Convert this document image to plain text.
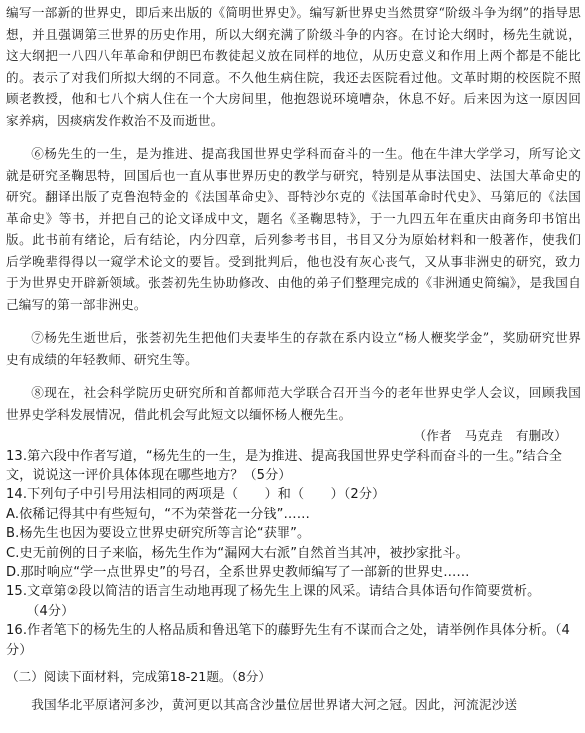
编写一部新的世界史，即后来出版的《简明世界史》。编写新世界史当然贯穿“阶级斗争为纲”的指导思想，并且强调第三世界的历史作用，所以大纲充满了阶级斗争的内容。在讨论大纲时，杨先生就说，这大纲把一八四八年革命和伊朗巴布教徒起义放在同样的地位，从历史意义和作用上两个都是不能比的。表示了对我们所拟大纲的不同意。不久他生病住院，我还去医院看过他。文革时期的校医院不照顾老教授，他和七八个病人住在一个大房间里，他抱怨说环境嘈杂，休息不好。后来因为这一原因回家养病，因痰病发作救治不及而逝世。

⑥杨先生的一生，是为推进、提高我国世界史学科而奋斗的一生。他在牛津大学学习，所写论文就是研究圣鞠思特，回国后也一直从事世界历史的教学与研究，特别是从事法国史、法国大革命史的研究。翻译出版了克鲁泡特金的《法国革命史》、哥特沙尔克的《法国革命时代史》、马第厄的《法国革命史》等书，并把自己的论文译成中文，题名《圣鞠思特》，于一九四五年在重庆由商务印书馆出版。此书前有绪论，后有结论，内分四章，后列参考书目，书目又分为原始材料和一般著作，使我们后学晚辈得得以一窥学术论文的要旨。受到批判后，他也没有灰心丧气，又从事非洲史的研究，致力于为世界史开辟新领域。张荟初先生协助修改、由他的弟子们整理完成的《非洲通史简编》，是我国自己编写的第一部非洲史。

⑦杨先生逝世后，张荟初先生把他们夫妻毕生的存款在系内设立“杨人楩奖学金”，奖励研究世界史有成绩的年轻教师、研究生等。

⑧现在，社会科学院历史研究所和首都师范大学联合召开当今的老年世界史学人会议，回顾我国世界史学科发展情况，借此机会写此短文以缅怀杨人楩先生。

（作者　马克垚　有删改）

13.第六段中作者写道，“杨先生的一生，是为推进、提高我国世界史学科而奋斗的一生。”结合全文，说说这一评价具体体现在哪些地方？（5分）

14.下列句子中引号用法相同的两项是（　　）和（　　）（2分）

A.依稀记得其中有些短句，“不为荣誉花一分钱”……

B.杨先生也因为要设立世界史研究所等言论“获罪”。

C.史无前例的日子来临，杨先生作为“漏网大右派”自然首当其冲，被抄家批斗。

D.那时响应“学一点世界史”的号召，全系世界史教师编写了一部新的世界史……

15.文章第②段以简洁的语言生动地再现了杨先生上课的风采。请结合具体语句作简要赏析。
（4分）

16.作者笔下的杨先生的人格品质和鲁迅笔下的藤野先生有不谋而合之处，请举例作具体分析。（4分）

（二）阅读下面材料，完成第18-21题。（8分）

我国华北平原诸河多沙，黄河更以其高含沙量位居世界诸大河之冠。因此，河流泥沙送
